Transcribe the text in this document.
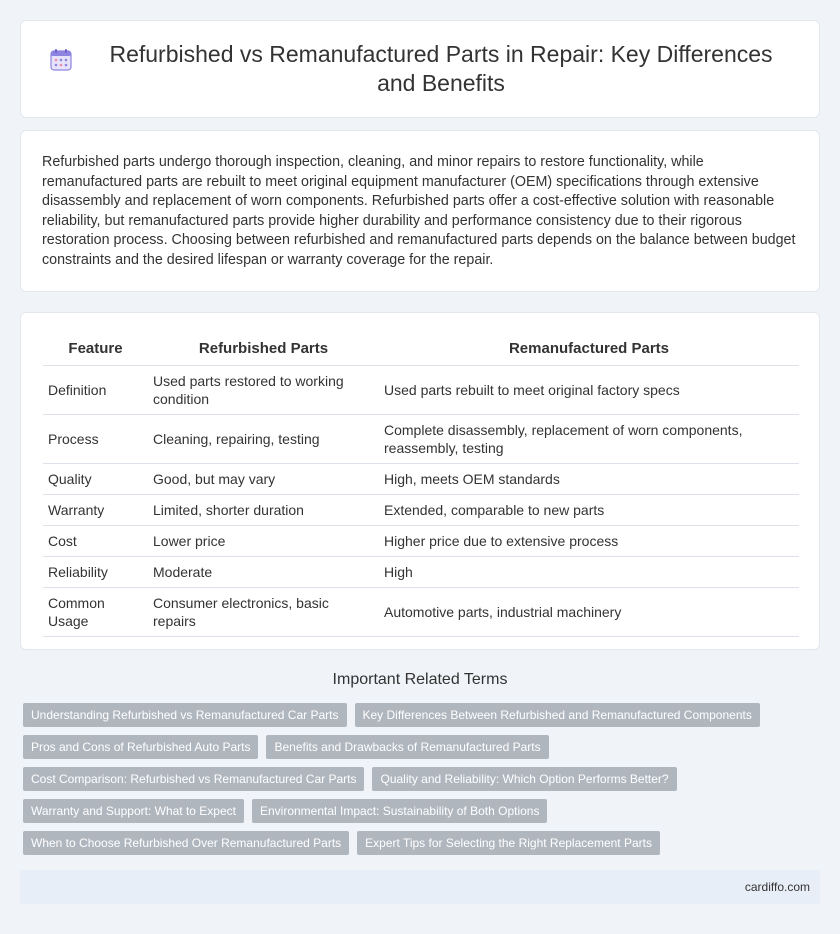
Refurbished vs Remanufactured Parts in Repair: Key Differences and Benefits

Refurbished parts undergo thorough inspection, cleaning, and minor repairs to restore functionality, while remanufactured parts are rebuilt to meet original equipment manufacturer (OEM) specifications through extensive disassembly and replacement of worn components. Refurbished parts offer a cost-effective solution with reasonable reliability, but remanufactured parts provide higher durability and performance consistency due to their rigorous restoration process. Choosing between refurbished and remanufactured parts depends on the balance between budget constraints and the desired lifespan or warranty coverage for the repair.

Feature	Refurbished Parts	Remanufactured Parts
Definition	Used parts restored to working condition	Used parts rebuilt to meet original factory specs
Process	Cleaning, repairing, testing	Complete disassembly, replacement of worn components, reassembly, testing
Quality	Good, but may vary	High, meets OEM standards
Warranty	Limited, shorter duration	Extended, comparable to new parts
Cost	Lower price	Higher price due to extensive process
Reliability	Moderate	High
Common Usage	Consumer electronics, basic repairs	Automotive parts, industrial machinery
Important Related Terms
Understanding Refurbished vs Remanufactured Car Parts	Key Differences Between Refurbished and Remanufactured Components
Pros and Cons of Refurbished Auto Parts	Benefits and Drawbacks of Remanufactured Parts
Cost Comparison: Refurbished vs Remanufactured Car Parts	Quality and Reliability: Which Option Performs Better?
Warranty and Support: What to Expect	Environmental Impact: Sustainability of Both Options
When to Choose Refurbished Over Remanufactured Parts	Expert Tips for Selecting the Right Replacement Parts
cardiffo.com
